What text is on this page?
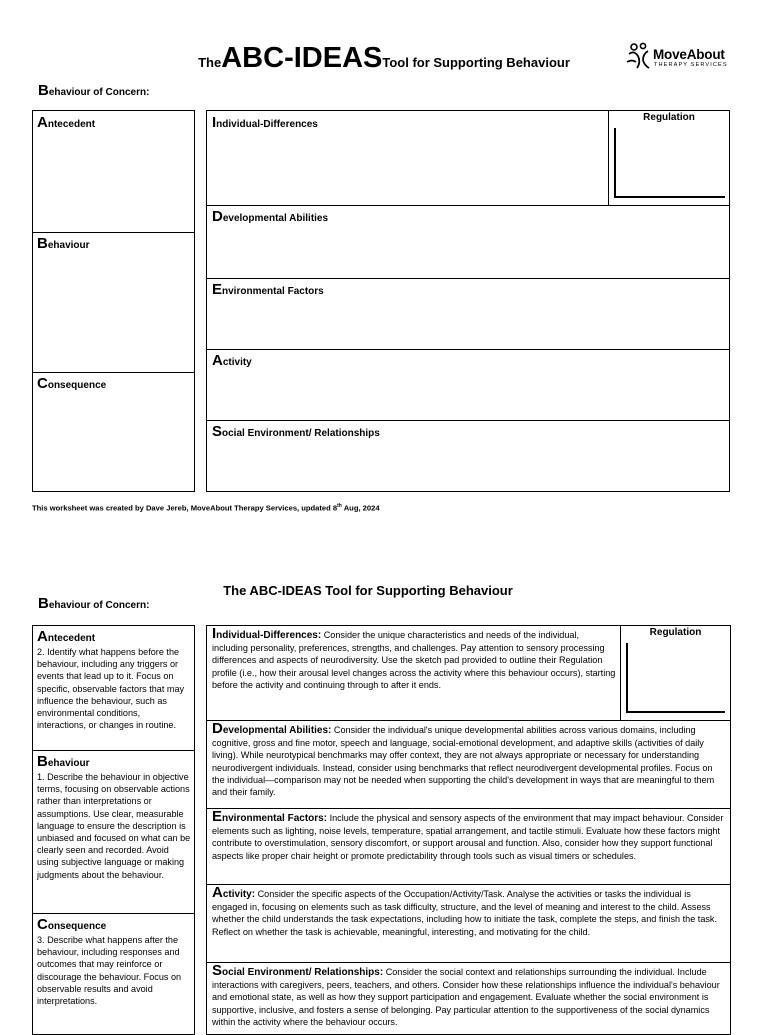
TheABC-IDEASTool for Supporting Behaviour
MoveAbout
THERAPY SERVICES
Behaviour of Concern:
Antecedent
Behaviour
Consequence
Individual-Differences
Regulation
Developmental Abilities
Environmental Factors
Activity
Social Environment/ Relationships
This worksheet was created by Dave Jereb, MoveAbout Therapy Services, updated 8th Aug, 2024
The ABC-IDEAS Tool for Supporting Behaviour
Behaviour of Concern:
Antecedent
2. Identify what happens before the behaviour, including any triggers or events that lead up to it. Focus on specific, observable factors that may influence the behaviour, such as environmental conditions, interactions, or changes in routine.
Behaviour
1. Describe the behaviour in objective terms, focusing on observable actions rather than interpretations or assumptions. Use clear, measurable language to ensure the description is unbiased and focused on what can be clearly seen and recorded. Avoid using subjective language or making judgments about the behaviour.
Consequence
3. Describe what happens after the behaviour, including responses and outcomes that may reinforce or discourage the behaviour. Focus on observable results and avoid interpretations.
Individual-Differences: Consider the unique characteristics and needs of the individual, including personality, preferences, strengths, and challenges. Pay attention to sensory processing differences and aspects of neurodiversity. Use the sketch pad provided to outline their Regulation profile (i.e., how their arousal level changes across the activity where this behaviour occurs), starting before the activity and continuing through to after it ends.
Regulation
Developmental Abilities: Consider the individual's unique developmental abilities across various domains, including cognitive, gross and fine motor, speech and language, social-emotional development, and adaptive skills (activities of daily living). While neurotypical benchmarks may offer context, they are not always appropriate or necessary for understanding neurodivergent individuals. Instead, consider using benchmarks that reflect neurodivergent developmental profiles. Focus on the individual—comparison may not be needed when supporting the child's development in ways that are meaningful to them and their family.
Environmental Factors: Include the physical and sensory aspects of the environment that may impact behaviour. Consider elements such as lighting, noise levels, temperature, spatial arrangement, and tactile stimuli. Evaluate how these factors might contribute to overstimulation, sensory discomfort, or support arousal and function. Also, consider how they support functional aspects like proper chair height or promote predictability through tools such as visual timers or schedules.
Activity: Consider the specific aspects of the Occupation/Activity/Task. Analyse the activities or tasks the individual is engaged in, focusing on elements such as task difficulty, structure, and the level of meaning and interest to the child. Assess whether the child understands the task expectations, including how to initiate the task, complete the steps, and finish the task. Reflect on whether the task is achievable, meaningful, interesting, and motivating for the child.
Social Environment/ Relationships: Consider the social context and relationships surrounding the individual. Include interactions with caregivers, peers, teachers, and others. Consider how these relationships influence the individual's behaviour and emotional state, as well as how they support participation and engagement. Evaluate whether the social environment is supportive, inclusive, and fosters a sense of belonging. Pay particular attention to the supportiveness of the social dynamics within the activity where the behaviour occurs.
